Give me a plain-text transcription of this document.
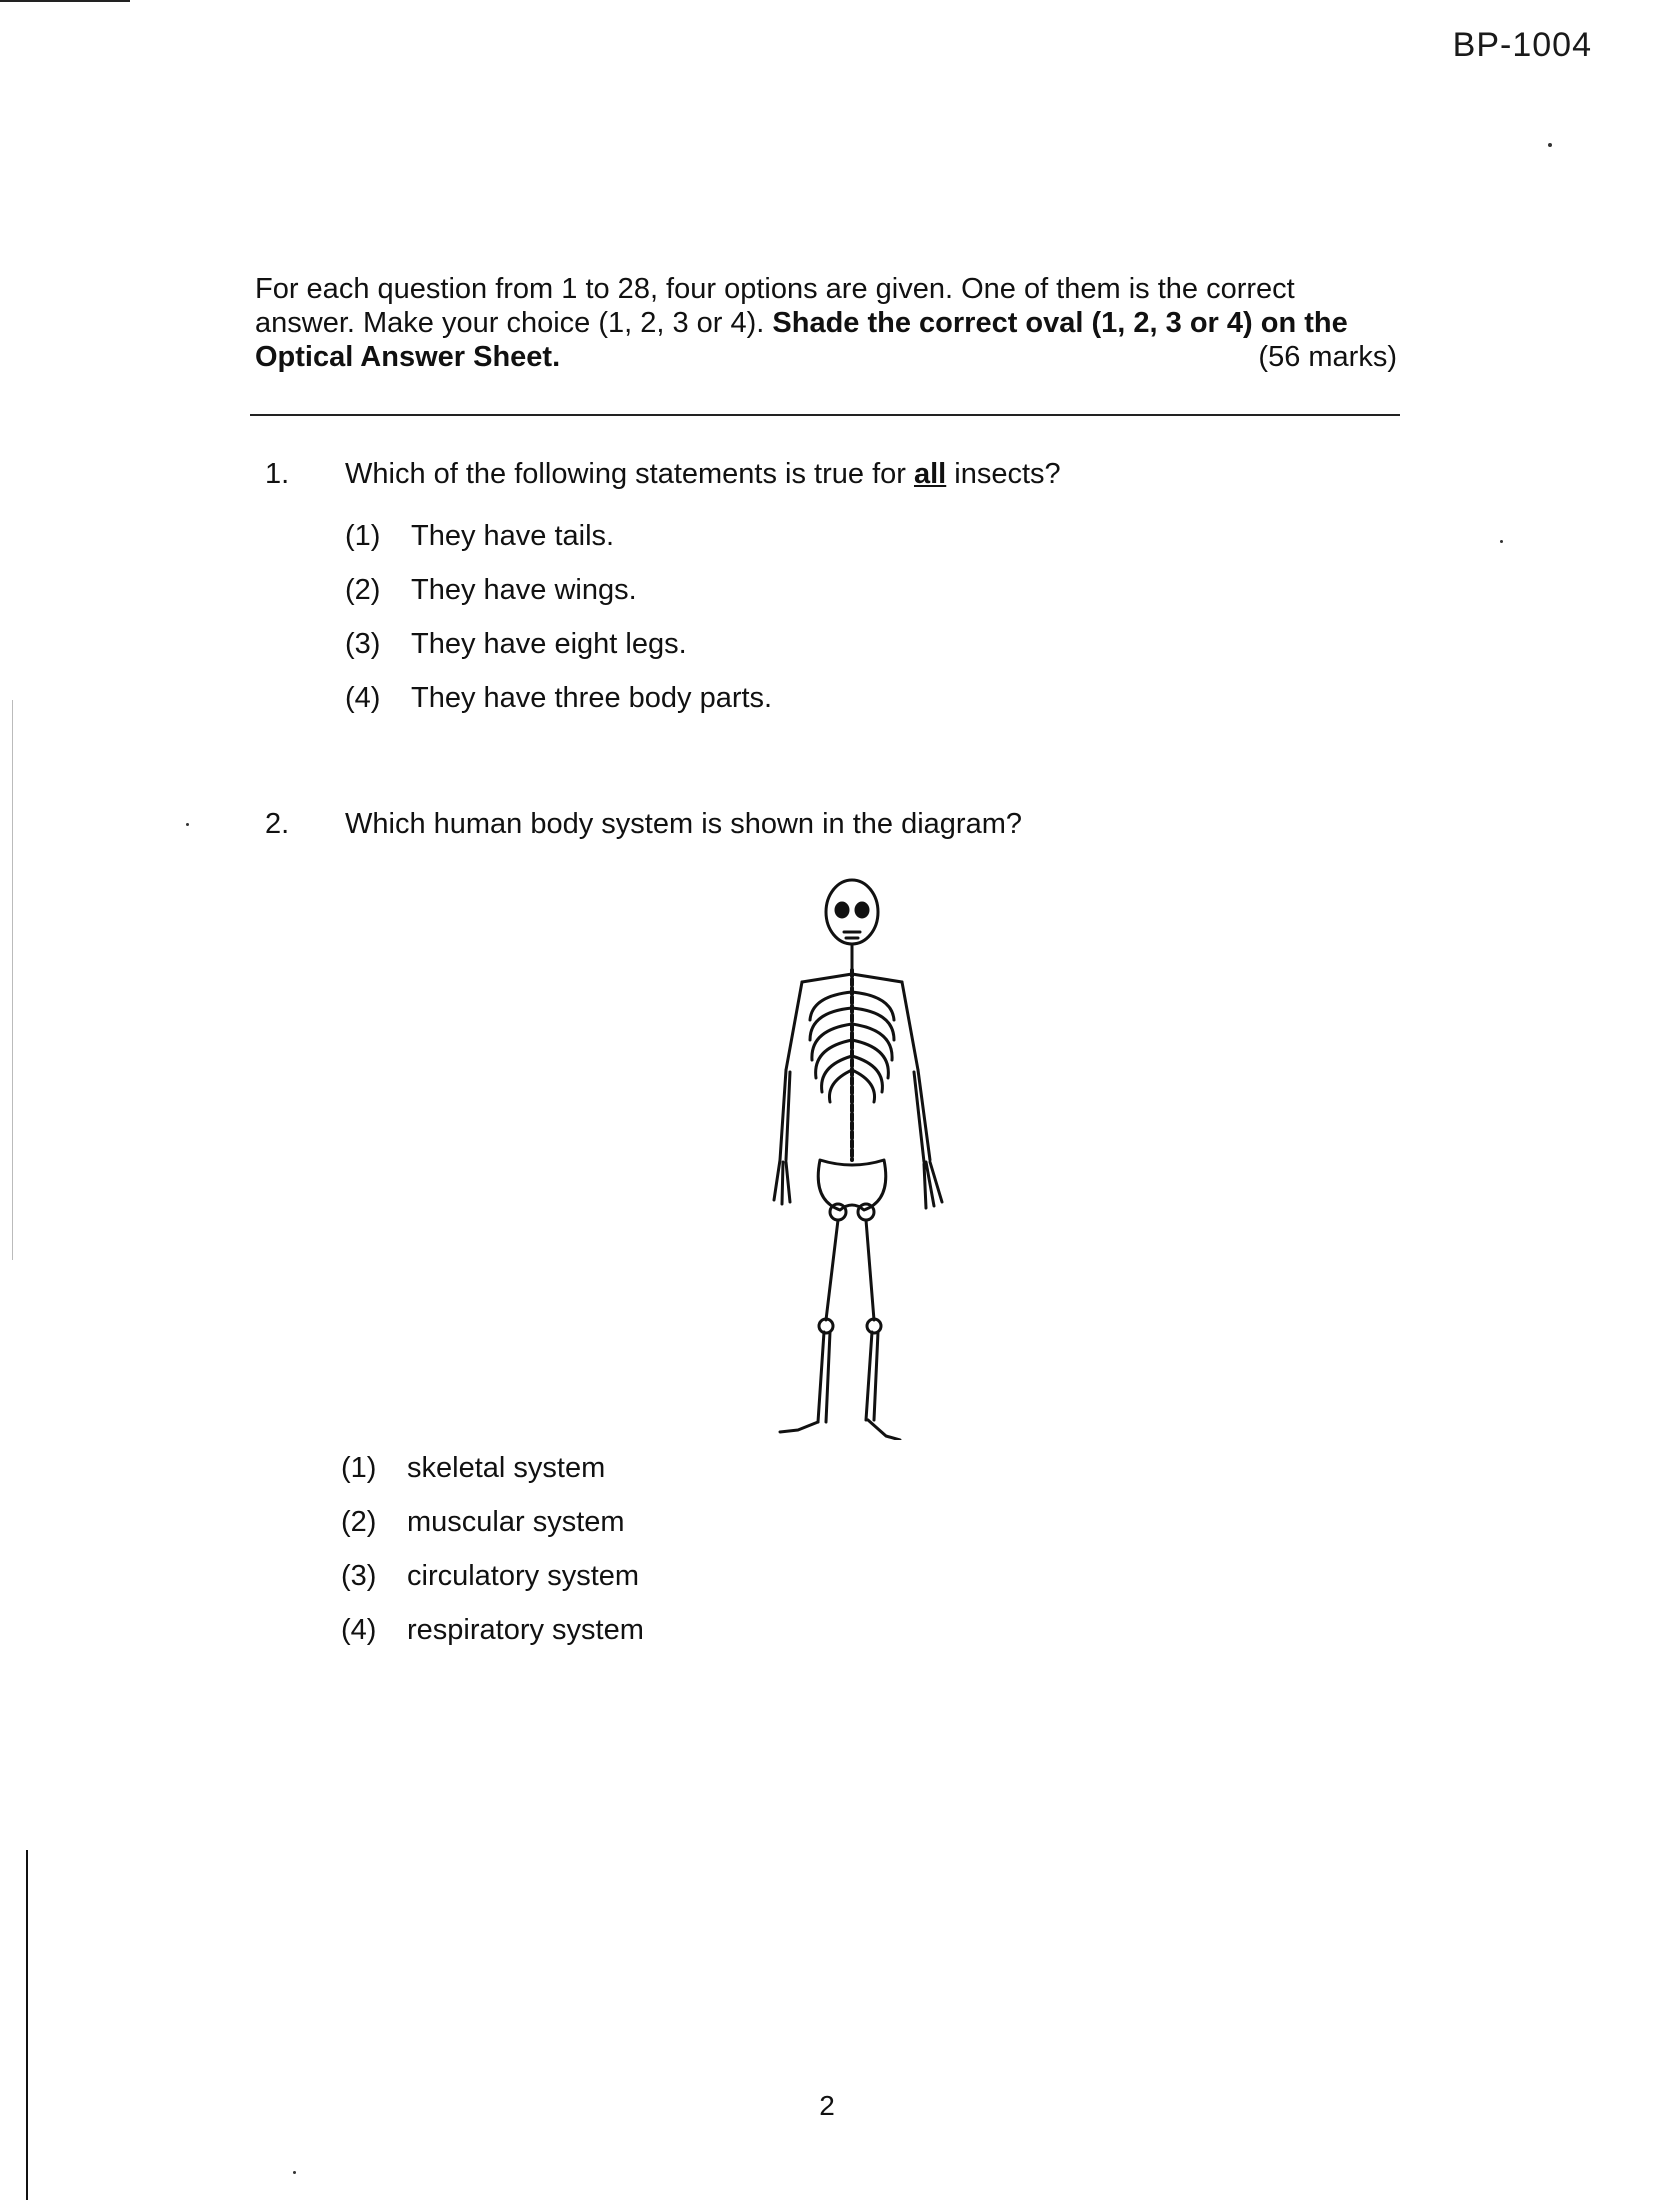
BP-1004
For each question from 1 to 28, four options are given. One of them is the correct
answer. Make your choice (1, 2, 3 or 4). Shade the correct oval (1, 2, 3 or 4) on the
Optical Answer Sheet.	(56 marks)
1.	Which of the following statements is true for all insects?
(1)	They have tails.
(2)	They have wings.
(3)	They have eight legs.
(4)	They have three body parts.
2.	Which human body system is shown in the diagram?
(1)	skeletal system
(2)	muscular system
(3)	circulatory system
(4)	respiratory system
2
